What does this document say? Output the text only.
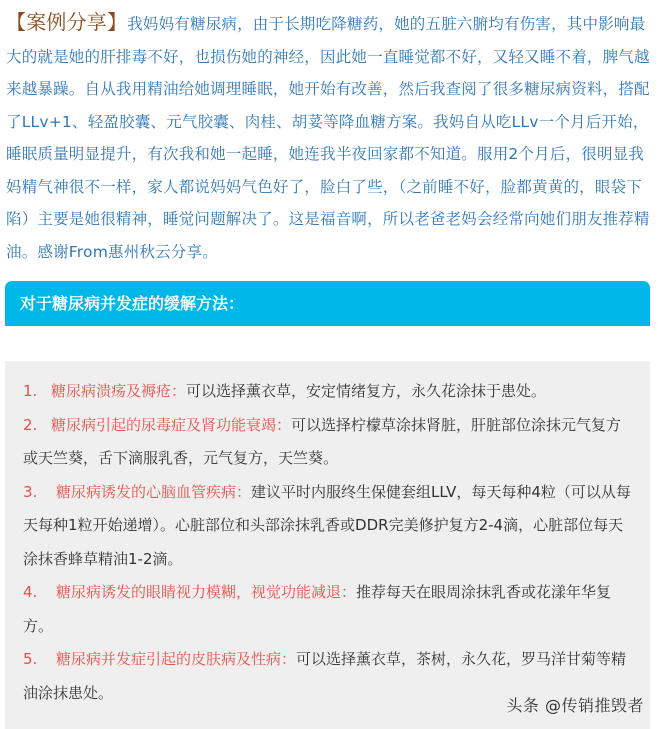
【案例分享】我妈妈有糖尿病，由于长期吃降糖药，她的五脏六腑均有伤害，其中影响最大的就是她的肝排毒不好，也损伤她的神经，因此她一直睡觉都不好，又轻又睡不着，脾气越来越暴躁。自从我用精油给她调理睡眠，她开始有改善，然后我查阅了很多糖尿病资料，搭配了LLv+1、轻盈胶囊、元气胶囊、肉桂、胡荽等降血糖方案。我妈自从吃LLv一个月后开始，睡眠质量明显提升，有次我和她一起睡，她连我半夜回家都不知道。服用2个月后，很明显我妈精气神很不一样，家人都说妈妈气色好了，脸白了些，（之前睡不好，脸都黄黄的，眼袋下陷）主要是她很精神，睡觉问题解决了。这是福音啊，所以老爸老妈会经常向她们朋友推荐精油。感谢From惠州秋云分享。
对于糖尿病并发症的缓解方法：
1. 糖尿病溃疡及褥疮：可以选择薰衣草，安定情绪复方，永久花涂抹于患处。
2. 糖尿病引起的尿毒症及肾功能衰竭：可以选择柠檬草涂抹肾脏，肝脏部位涂抹元气复方或天竺葵，舌下滴服乳香，元气复方，天竺葵。
3. 糖尿病诱发的心脑血管疾病：建议平时内服终生保健套组LLV，每天每种4粒（可以从每天每种1粒开始递增）。心脏部位和头部涂抹乳香或DDR完美修护复方2-4滴，心脏部位每天涂抹香蜂草精油1-2滴。
4. 糖尿病诱发的眼睛视力模糊，视觉功能减退：推荐每天在眼周涂抹乳香或花漾年华复方。
5. 糖尿病并发症引起的皮肤病及性病：可以选择薰衣草，茶树，永久花，罗马洋甘菊等精油涂抹患处。
头条 @传销推毁者
